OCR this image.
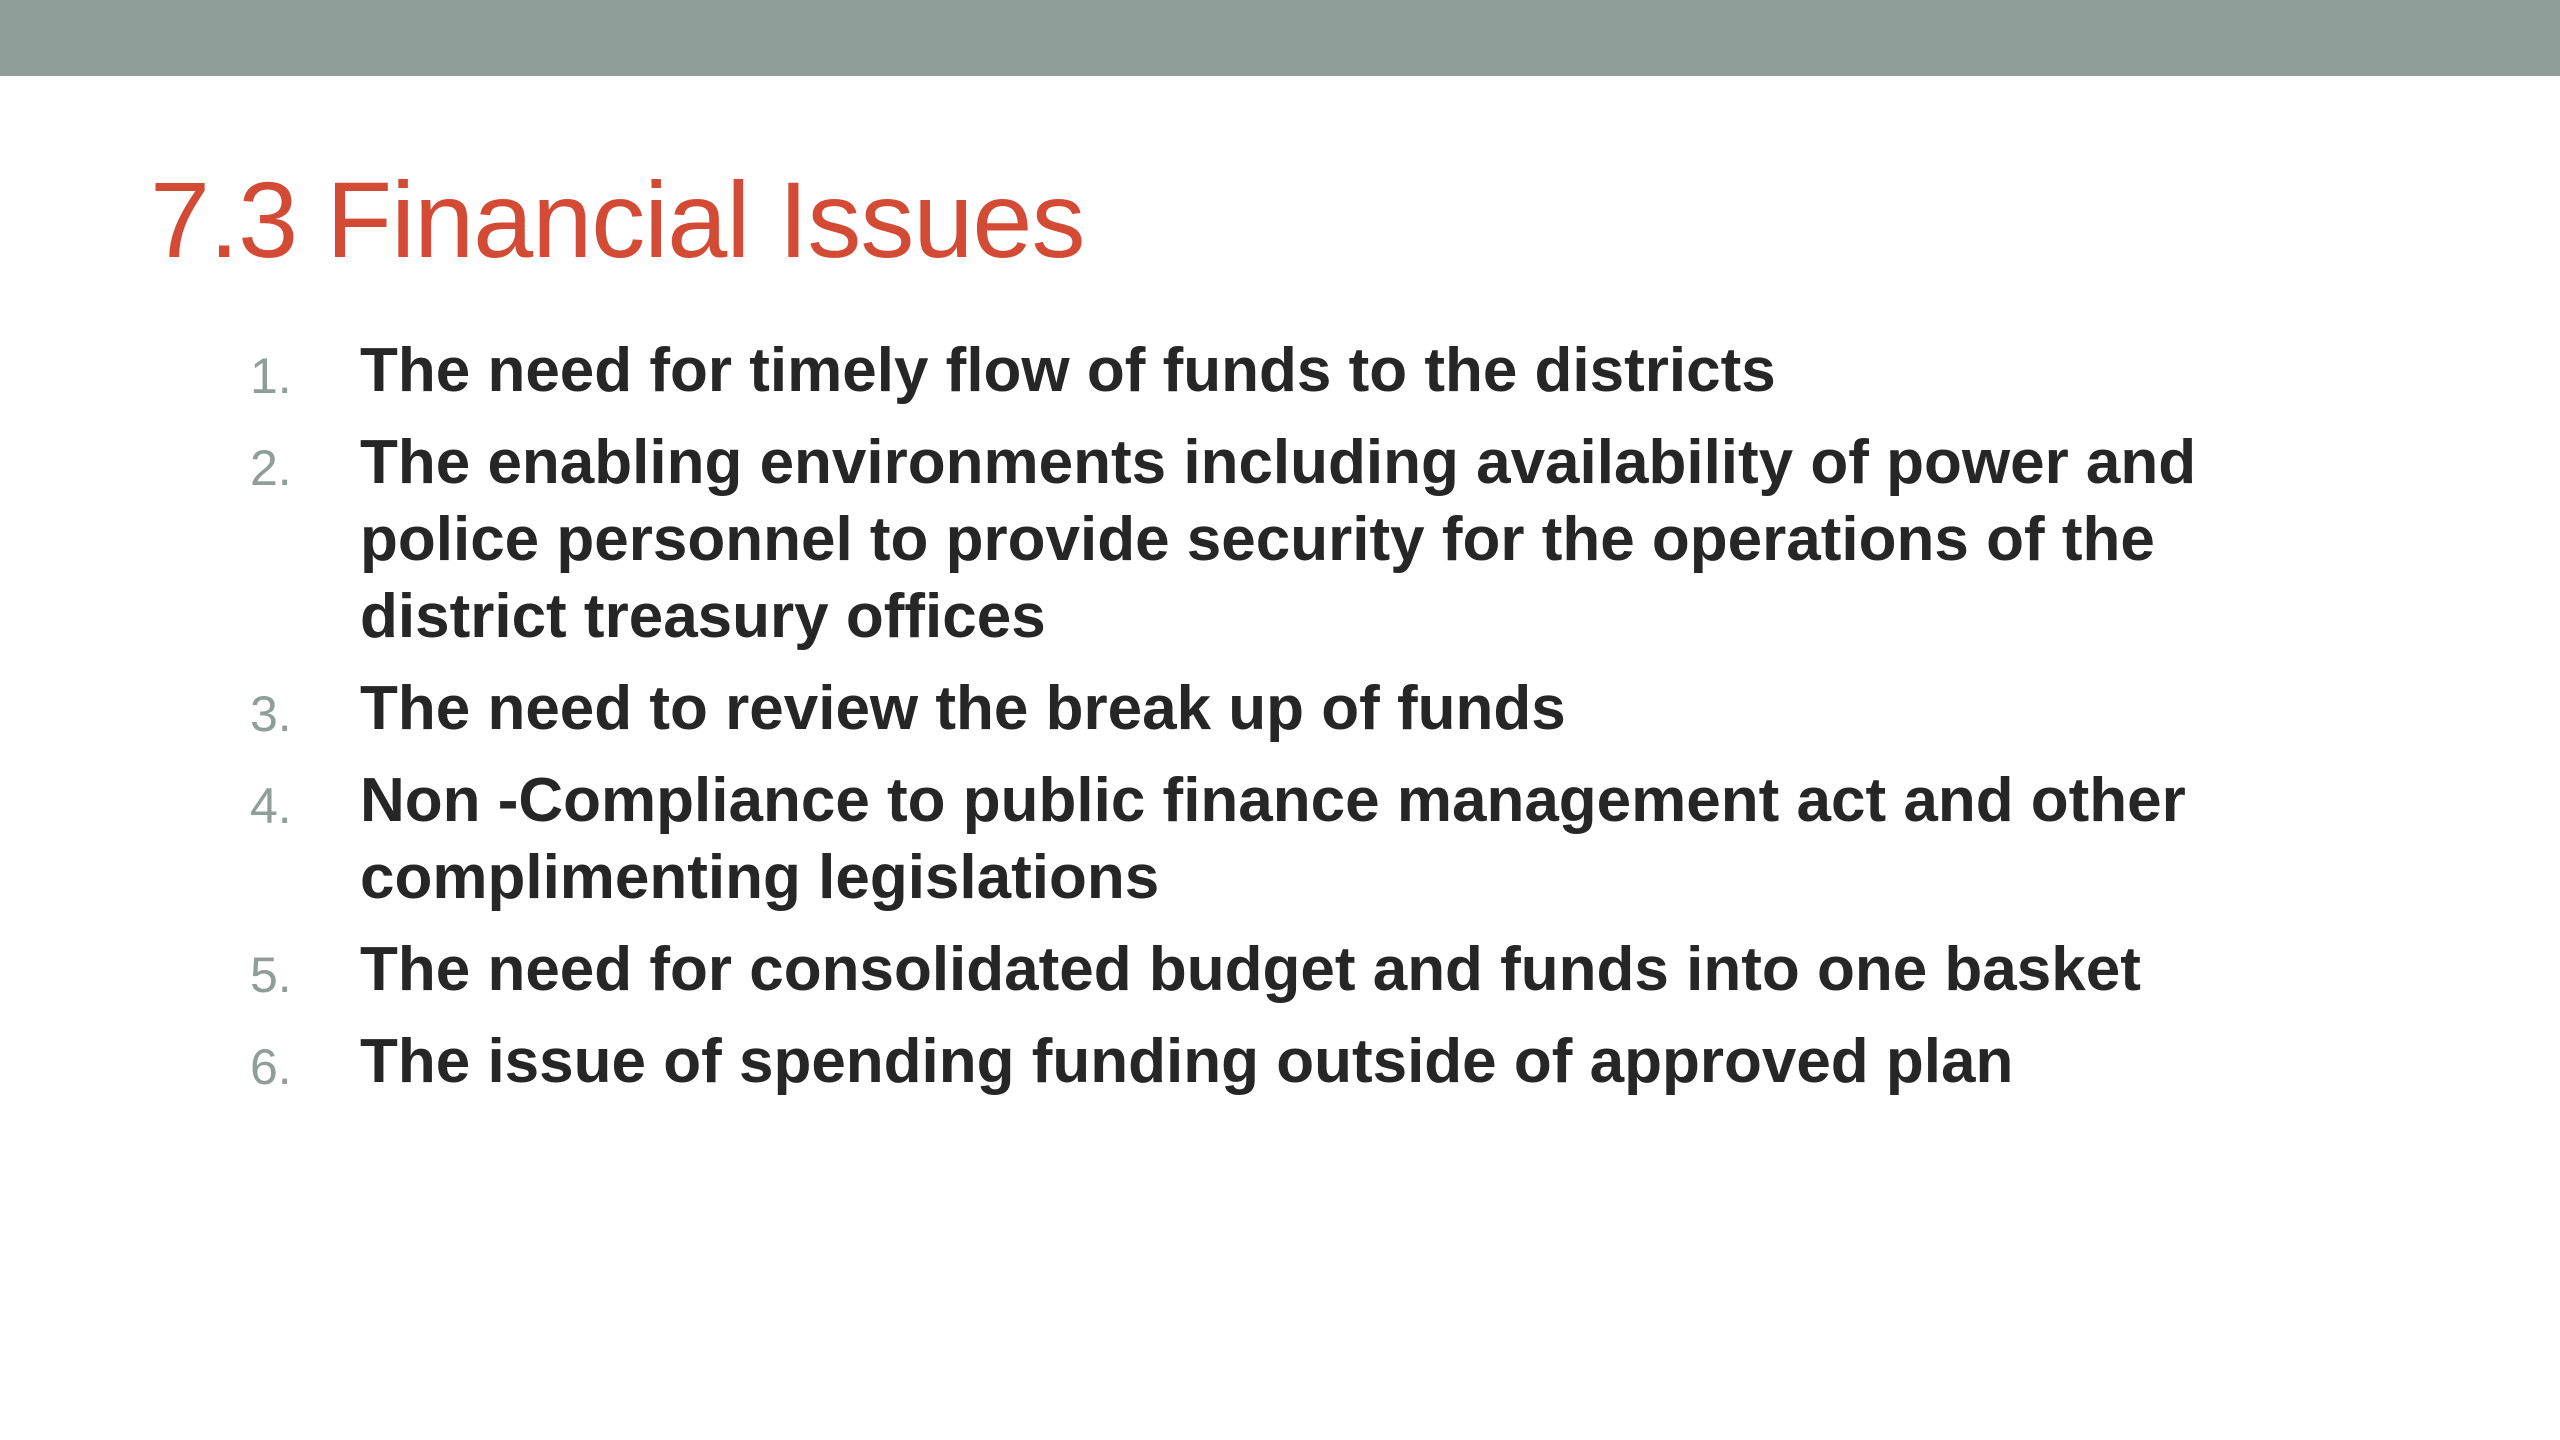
7.3 Financial Issues
1. The need for timely flow of funds to the districts
2. The enabling environments including availability of power and police personnel to provide security for the operations of the district treasury offices
3. The need to review the break up of funds
4. Non -Compliance to public finance management act and other complimenting legislations
5. The need for consolidated budget and funds into one basket
6. The issue of spending funding outside of approved plan
